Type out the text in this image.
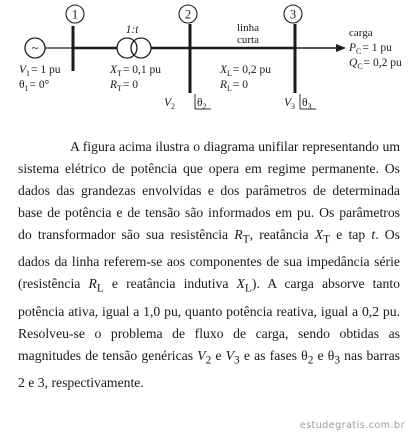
~
1
1:t
2
linha
curta
3
carga
$V_1= 1$ pu
$\theta_1= 0^\circ$
$X_T= 0,1$ pu
$R_T= 0$
$X_L= 0,2$ pu
$R_L= 0$
$V_2$ $\theta_2$	$V_3$ $\theta_3$
$P_C= 1$ pu
$Q_C= 0,2$ pu

A figura acima ilustra o diagrama unifilar representando um sistema elétrico de potência que opera em regime permanente. Os dados das grandezas envolvidas e dos parâmetros de determinada base de potência e de tensão são informados em pu. Os parâmetros do transformador são sua resistência $R_T$, reatância $X_T$ e tap t. Os dados da linha referem-se aos componentes de sua impedância série (resistência $R_L$ e reatância indutiva $X_L$). A carga absorve tanto potência ativa, igual a 1,0 pu, quanto potência reativa, igual a 0,2 pu. Resolveu-se o problema de fluxo de carga, sendo obtidas as magnitudes de tensão genéricas $V_2$ e $V_3$ e as fases $\theta_2$ e $\theta_3$ nas barras 2 e 3, respectivamente.

estudegratis.com.br
